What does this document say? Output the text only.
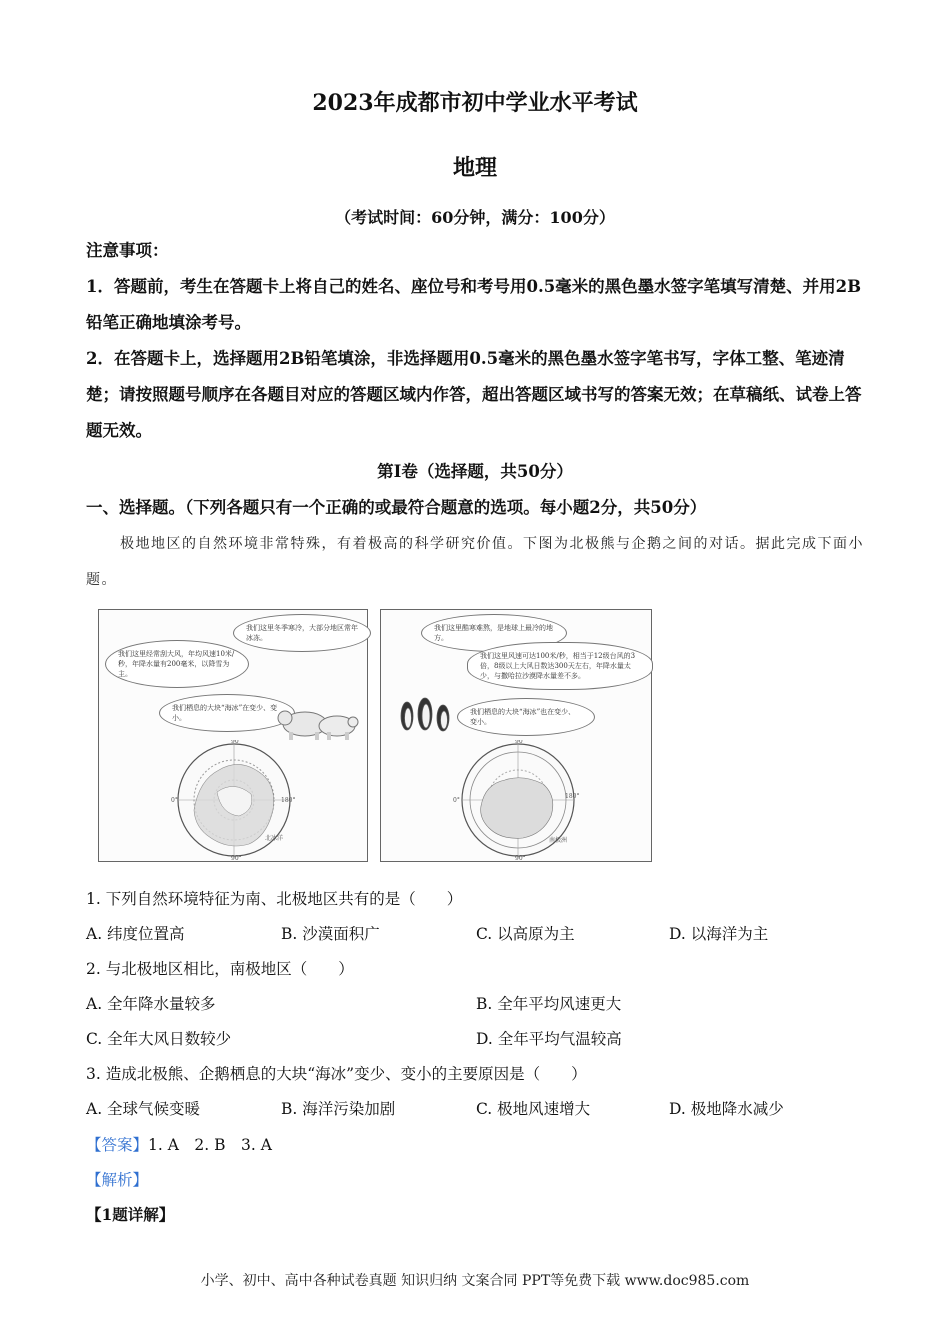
2023年成都市初中学业水平考试
地理
（考试时间：60分钟，满分：100分）
注意事项：
1．答题前，考生在答题卡上将自己的姓名、座位号和考号用0.5毫米的黑色墨水签字笔填写清楚、并用2B铅笔正确地填涂考号。
2．在答题卡上，选择题用2B铅笔填涂，非选择题用0.5毫米的黑色墨水签字笔书写，字体工整、笔迹清楚；请按照题号顺序在各题目对应的答题区域内作答，超出答题区域书写的答案无效；在草稿纸、试卷上答题无效。
第Ⅰ卷（选择题，共50分）
一、选择题。（下列各题只有一个正确的或最符合题意的选项。每小题2分，共50分）
极地地区的自然环境非常特殊，有着极高的科学研究价值。下图为北极熊与企鹅之间的对话。据此完成下面小题。
我们这里冬季寒冷，大部分地区常年冰冻。
我们这里经常刮大风，年均风速10米/秒，年降水量有200毫米，以降雪为主。
我们栖息的大块“海冰”在变少、变小。
90°
0°	180°
90°
北冰洋
我们这里酷寒难熬，是地球上最冷的地方。
我们这里风速可达100米/秒，相当于12级台风的3倍，8级以上大风日数达300天左右，年降水量太少，与撒哈拉沙漠降水量差不多。
我们栖息的大块“海冰”也在变少、变小。
90°
0°
180°
90°
南极洲
1. 下列自然环境特征为南、北极地区共有的是（　　）
A. 纬度位置高	B. 沙漠面积广	C. 以高原为主	D. 以海洋为主
2. 与北极地区相比，南极地区（　　）
A. 全年降水量较多	B. 全年平均风速更大
C. 全年大风日数较少	D. 全年平均气温较高
3. 造成北极熊、企鹅栖息的大块“海冰”变少、变小的主要原因是（　　）
A. 全球气候变暖	B. 海洋污染加剧	C. 极地风速增大	D. 极地降水减少
【答案】1. A　2. B　3. A
【解析】
【1题详解】
小学、初中、高中各种试卷真题 知识归纳 文案合同 PPT等免费下载 www.doc985.com
